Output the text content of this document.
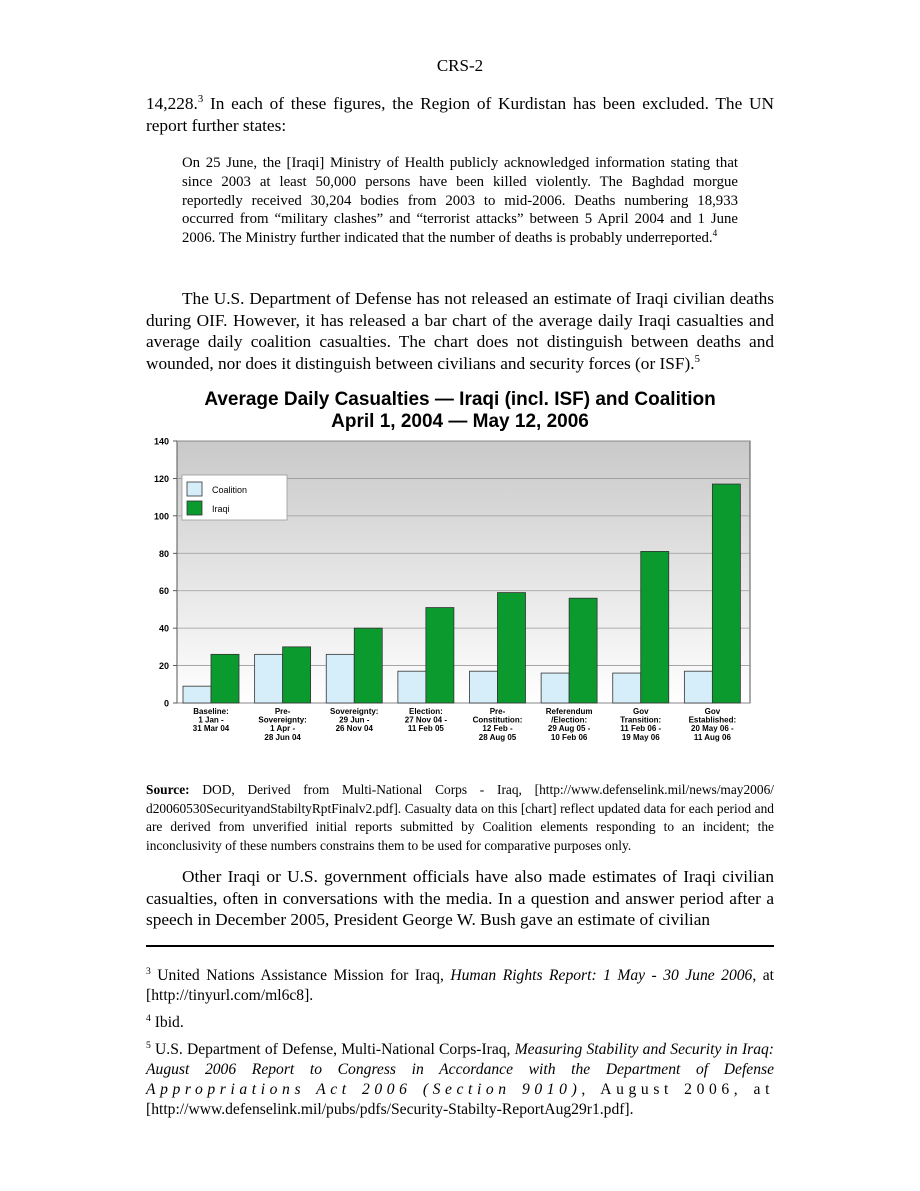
CRS-2

14,228.$^3$ In each of these figures, the Region of Kurdistan has been excluded. The UN report further states:

On 25 June, the [Iraqi] Ministry of Health publicly acknowledged information stating that since 2003 at least 50,000 persons have been killed violently. The Baghdad morgue reportedly received 30,204 bodies from 2003 to mid-2006. Deaths numbering 18,933 occurred from “military clashes” and “terrorist attacks” between 5 April 2004 and 1 June 2006. The Ministry further indicated that the number of deaths is probably underreported.$^4$

The U.S. Department of Defense has not released an estimate of Iraqi civilian deaths during OIF. However, it has released a bar chart of the average daily Iraqi casualties and average daily coalition casualties. The chart does not distinguish between deaths and wounded, nor does it distinguish between civilians and security forces (or ISF).$^5$

Average Daily Casualties — Iraqi (incl. ISF) and Coalition
April 1, 2004 — May 12, 2006

0
20
40
60
80
100
120
140
Baseline: 1 Jan -31 Mar 04
Pre-Sovereignty: 1 Apr -28 Jun 04
Sovereignty: 29 Jun -26 Nov 04
Election: 27 Nov 04 -11 Feb 05
Pre-Constitution: 12 Feb -28 Aug 05
Referendum /Election: 29 Aug 05 -10 Feb 06
Gov Transition: 11 Feb 06 -19 May 06
Gov Established: 20 May 06 -11 Aug 06
Coalition
Iraqi

Source: DOD, Derived from Multi-National Corps - Iraq, [http://www.defenselink.mil/news/may2006/ d20060530SecurityandStabiltyRptFinalv2.pdf]. Casualty data on this [chart] reflect updated data for each period and are derived from unverified initial reports submitted by Coalition elements responding to an incident; the inconclusivity of these numbers constrains them to be used for comparative purposes only.

Other Iraqi or U.S. government officials have also made estimates of Iraqi civilian casualties, often in conversations with the media. In a question and answer period after a speech in December 2005, President George W. Bush gave an estimate of civilian

$^3$ United Nations Assistance Mission for Iraq, Human Rights Report: 1 May - 30 June 2006, at [http://tinyurl.com/ml6c8].

$^4$ Ibid.

$^5$ U.S. Department of Defense, Multi-National Corps-Iraq, Measuring Stability and Security in Iraq: August 2006 Report to Congress in Accordance with the Department of Defense Appropriations Act 2006 (Section 9010), August 2006, at [http://www.defenselink.mil/pubs/pdfs/Security-Stabilty-ReportAug29r1.pdf].
